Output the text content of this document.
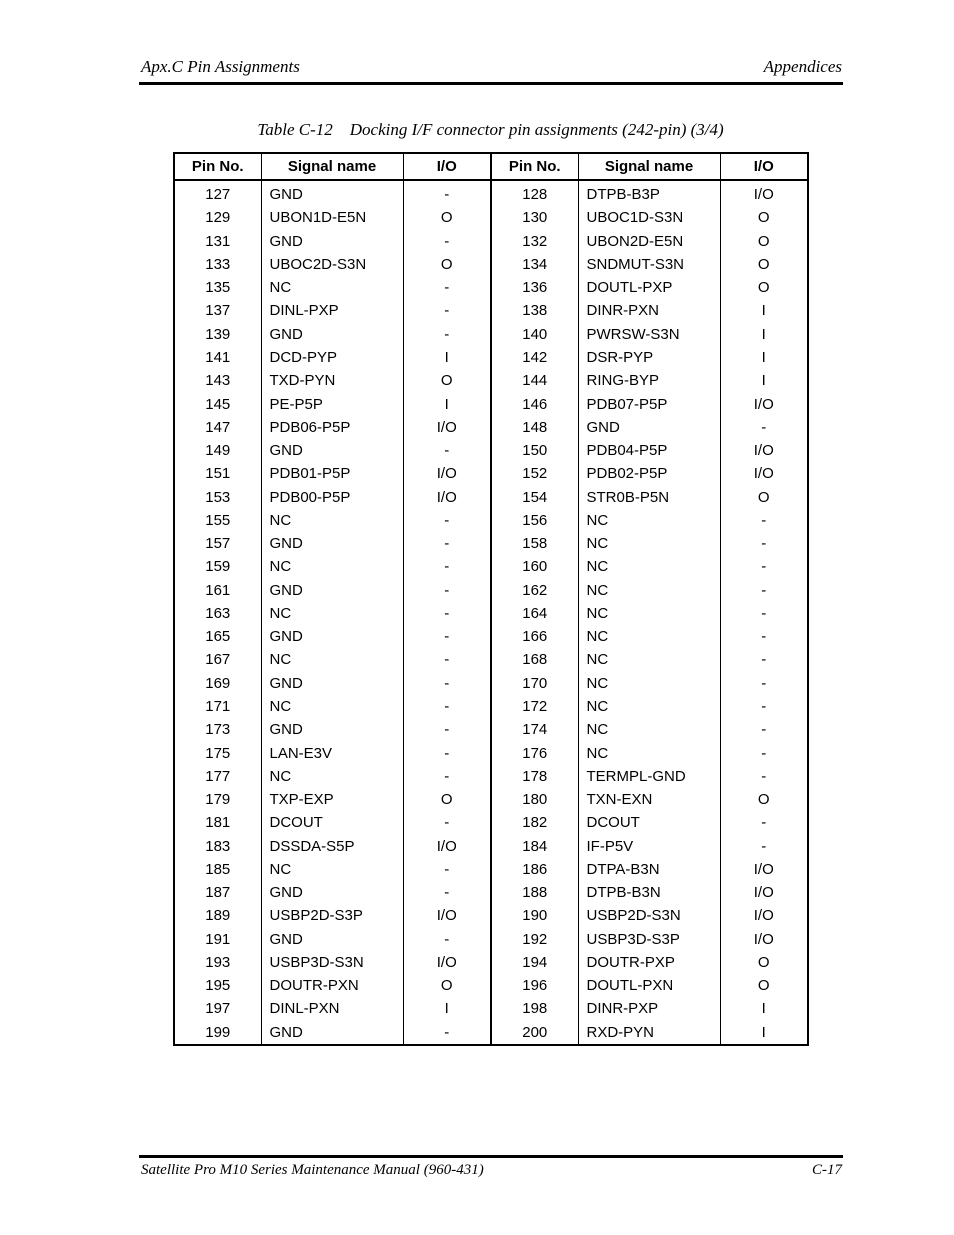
Apx.C Pin Assignments	Appendices
Table C-12    Docking I/F connector pin assignments (242-pin) (3/4)
Pin No.	Signal name	I/O	Pin No.	Signal name	I/O
127	GND	-	128	DTPB-B3P	I/O
129	UBON1D-E5N	O	130	UBOC1D-S3N	O
131	GND	-	132	UBON2D-E5N	O
133	UBOC2D-S3N	O	134	SNDMUT-S3N	O
135	NC	-	136	DOUTL-PXP	O
137	DINL-PXP	-	138	DINR-PXN	I
139	GND	-	140	PWRSW-S3N	I
141	DCD-PYP	I	142	DSR-PYP	I
143	TXD-PYN	O	144	RING-BYP	I
145	PE-P5P	I	146	PDB07-P5P	I/O
147	PDB06-P5P	I/O	148	GND	-
149	GND	-	150	PDB04-P5P	I/O
151	PDB01-P5P	I/O	152	PDB02-P5P	I/O
153	PDB00-P5P	I/O	154	STR0B-P5N	O
155	NC	-	156	NC	-
157	GND	-	158	NC	-
159	NC	-	160	NC	-
161	GND	-	162	NC	-
163	NC	-	164	NC	-
165	GND	-	166	NC	-
167	NC	-	168	NC	-
169	GND	-	170	NC	-
171	NC	-	172	NC	-
173	GND	-	174	NC	-
175	LAN-E3V	-	176	NC	-
177	NC	-	178	TERMPL-GND	-
179	TXP-EXP	O	180	TXN-EXN	O
181	DCOUT	-	182	DCOUT	-
183	DSSDA-S5P	I/O	184	IF-P5V	-
185	NC	-	186	DTPA-B3N	I/O
187	GND	-	188	DTPB-B3N	I/O
189	USBP2D-S3P	I/O	190	USBP2D-S3N	I/O
191	GND	-	192	USBP3D-S3P	I/O
193	USBP3D-S3N	I/O	194	DOUTR-PXP	O
195	DOUTR-PXN	O	196	DOUTL-PXN	O
197	DINL-PXN	I	198	DINR-PXP	I
199	GND	-	200	RXD-PYN	I
Satellite Pro M10 Series Maintenance Manual (960-431)	C-17
